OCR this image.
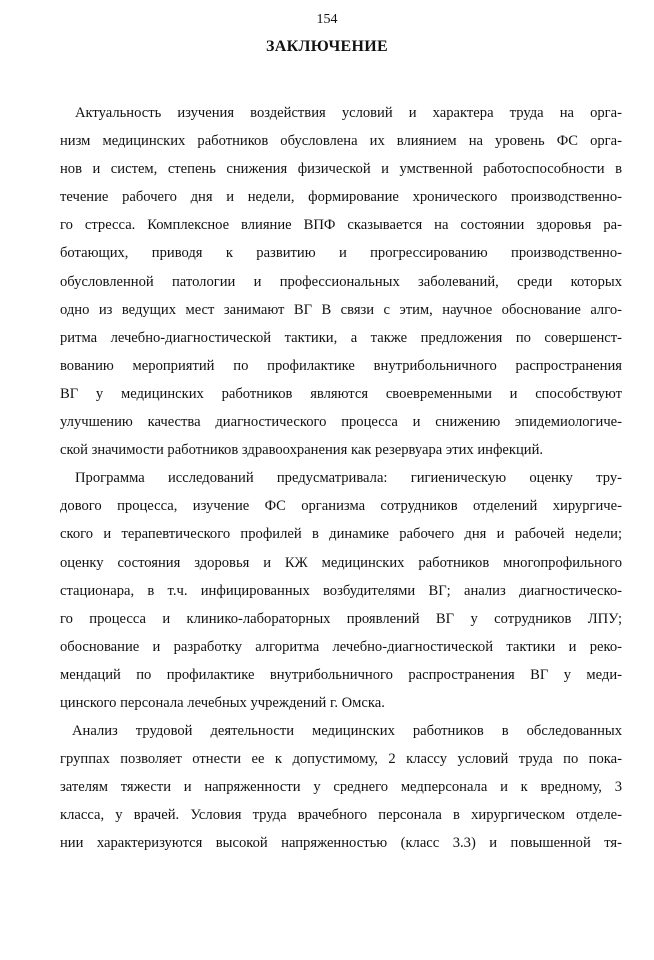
154
ЗАКЛЮЧЕНИЕ
Актуальность изучения воздействия условий и характера труда на орга-
низм медицинских работников обусловлена их влиянием на уровень ФС орга-
нов и систем, степень снижения физической и умственной работоспособности в
течение рабочего дня и недели, формирование хронического производственно-
го стресса. Комплексное влияние ВПФ сказывается на состоянии здоровья ра-
ботающих, приводя к развитию и прогрессированию производственно-
обусловленной патологии и профессиональных заболеваний, среди которых
одно из ведущих мест занимают ВГ В связи с этим, научное обоснование алго-
ритма лечебно-диагностической тактики, а также предложения по совершенст-
вованию мероприятий по профилактике внутрибольничного распространения
ВГ у медицинских работников являются своевременными и способствуют
улучшению качества диагностического процесса и снижению эпидемиологиче-
ской значимости работников здравоохранения как резервуара этих инфекций.
Программа исследований предусматривала: гигиеническую оценку тру-
дового процесса, изучение ФС организма сотрудников отделений хирургиче-
ского и терапевтического профилей в динамике рабочего дня и рабочей недели;
оценку состояния здоровья и КЖ медицинских работников многопрофильного
стационара, в т.ч. инфицированных возбудителями ВГ; анализ диагностическо-
го процесса и клинико-лабораторных проявлений ВГ у сотрудников ЛПУ;
обоснование и разработку алгоритма лечебно-диагностической тактики и реко-
мендаций по профилактике внутрибольничного распространения ВГ у меди-
цинского персонала лечебных учреждений г. Омска.
Анализ трудовой деятельности медицинских работников в обследованных
группах позволяет отнести ее к допустимому, 2 классу условий труда по пока-
зателям тяжести и напряженности у среднего медперсонала и к вредному, 3
класса, у врачей. Условия труда врачебного персонала в хирургическом отделе-
нии характеризуются высокой напряженностью (класс 3.3) и повышенной тя-
